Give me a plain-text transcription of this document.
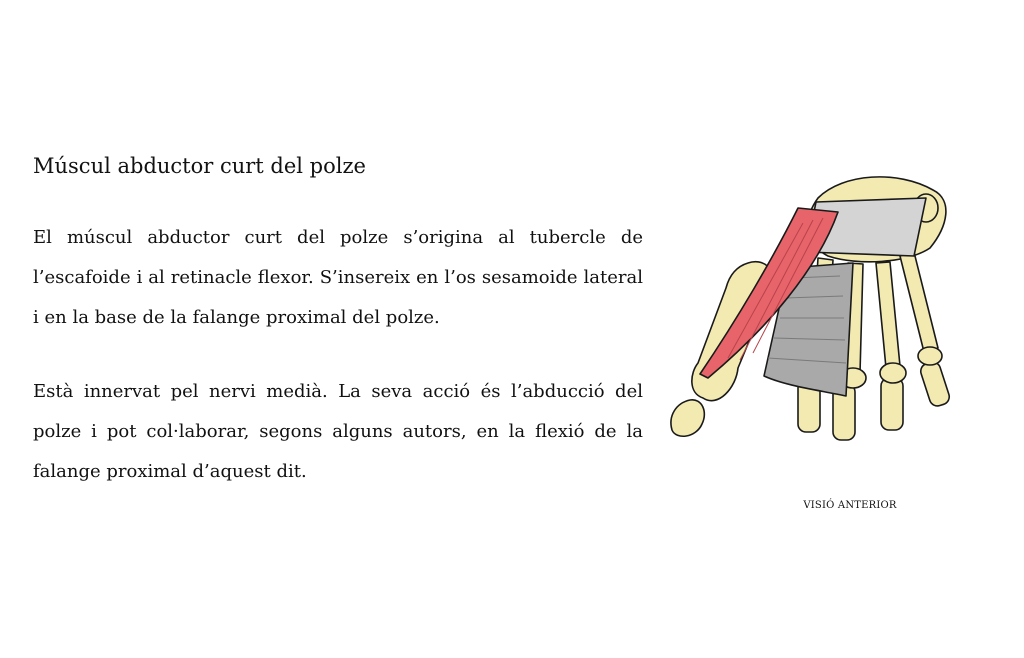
Múscul abductor curt del polze

El múscul abductor curt del polze s’origina al tubercle de l’escafoide i al retinacle flexor. S’insereix en l’os sesamoide lateral i en la base de la falange proximal del polze.

Està innervat pel nervi medià. La seva acció és l’abducció del polze i pot col·laborar, segons alguns autors, en la flexió de la falange proximal d’aquest dit.

VISIÓ ANTERIOR
